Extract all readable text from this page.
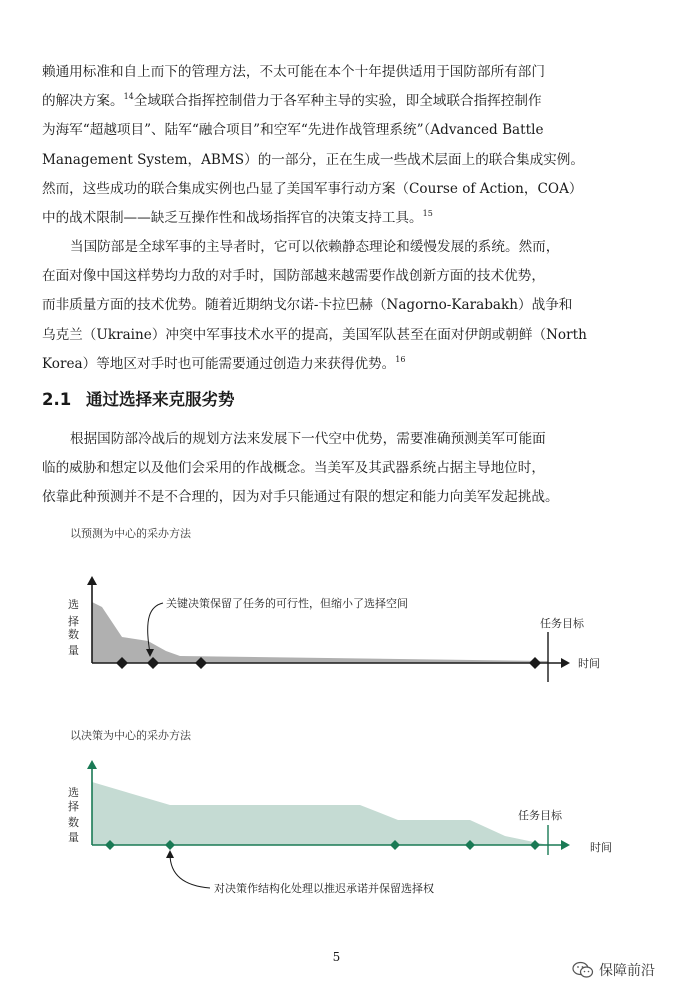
赖通用标准和自上而下的管理方法，不太可能在本个十年提供适用于国防部所有部门
的解决方案。$^{14}$全域联合指挥控制借力于各军种主导的实验，即全域联合指挥控制作
为海军“超越项目”、陆军“融合项目”和空军“先进作战管理系统”（Advanced Battle
Management System，ABMS）的一部分，正在生成一些战术层面上的联合集成实例。
然而，这些成功的联合集成实例也凸显了美国军事行动方案（Course of Action，COA）
中的战术限制——缺乏互操作性和战场指挥官的决策支持工具。$^{15}$
当国防部是全球军事的主导者时，它可以依赖静态理论和缓慢发展的系统。然而，
在面对像中国这样势均力敌的对手时，国防部越来越需要作战创新方面的技术优势，
而非质量方面的技术优势。随着近期纳戈尔诺-卡拉巴赫（Nagorno-Karabakh）战争和
乌克兰（Ukraine）冲突中军事技术水平的提高，美国军队甚至在面对伊朗或朝鲜（North
Korea）等地区对手时也可能需要通过创造力来获得优势。$^{16}$
2.1 通过选择来克服劣势
根据国防部冷战后的规划方法来发展下一代空中优势，需要准确预测美军可能面
临的威胁和想定以及他们会采用的作战概念。当美军及其武器系统占据主导地位时，
依靠此种预测并不是不合理的，因为对手只能通过有限的想定和能力向美军发起挑战。
以预测为中心的采办方法
关键决策保留了任务的可行性，但缩小了选择空间
任务目标
时间
选
择
数
量
以决策为中心的采办方法
对决策作结构化处理以推迟承诺并保留选择权
任务目标
时间
选
择
数
量
5
保障前沿
